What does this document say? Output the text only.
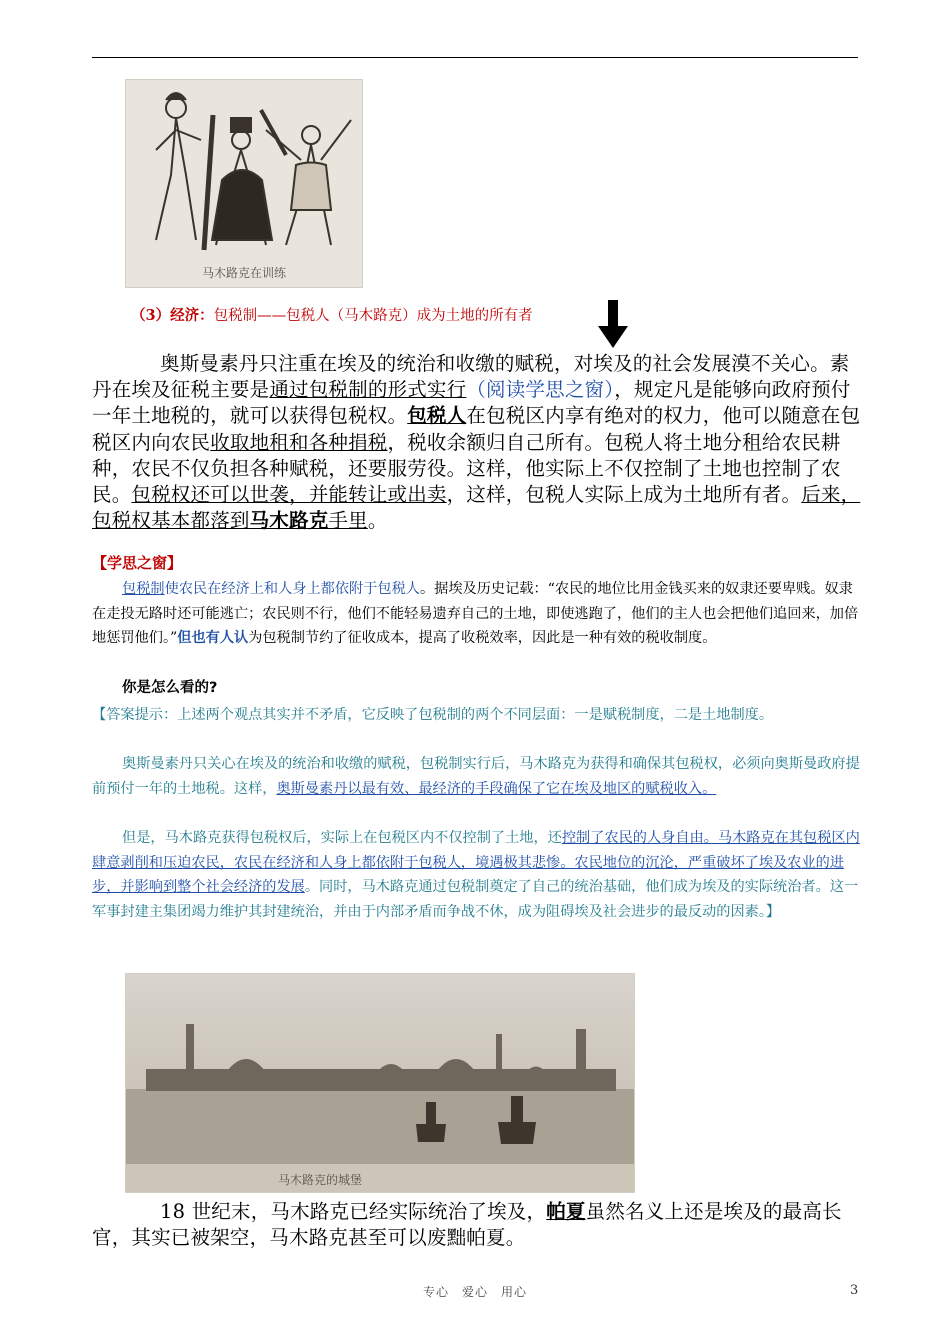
马木路克在训练
（3）经济：包税制——包税人（马木路克）成为土地的所有者
奥斯曼素丹只注重在埃及的统治和收缴的赋税，对埃及的社会发展漠不关心。素丹在埃及征税主要是通过包税制的形式实行（阅读学思之窗），规定凡是能够向政府预付一年土地税的，就可以获得包税权。包税人在包税区内享有绝对的权力，他可以随意在包税区内向农民收取地租和各种捐税，税收余额归自己所有。包税人将土地分租给农民耕种，农民不仅负担各种赋税，还要服劳役。这样，他实际上不仅控制了土地也控制了农民。包税权还可以世袭，并能转让或出卖，这样，包税人实际上成为土地所有者。后来，包税权基本都落到马木路克手里。
【学思之窗】
包税制使农民在经济上和人身上都依附于包税人。据埃及历史记载：“农民的地位比用金钱买来的奴隶还要卑贱。奴隶在走投无路时还可能逃亡；农民则不行，他们不能轻易遗弃自己的土地，即使逃跑了，他们的主人也会把他们追回来，加倍地惩罚他们。”但也有人认为包税制节约了征收成本，提高了收税效率，因此是一种有效的税收制度。
你是怎么看的?
【答案提示：上述两个观点其实并不矛盾，它反映了包税制的两个不同层面：一是赋税制度，二是土地制度。
奥斯曼素丹只关心在埃及的统治和收缴的赋税，包税制实行后，马木路克为获得和确保其包税权，必须向奥斯曼政府提前预付一年的土地税。这样，奥斯曼素丹以最有效、最经济的手段确保了它在埃及地区的赋税收入。
但是，马木路克获得包税权后，实际上在包税区内不仅控制了土地，还控制了农民的人身自由。马木路克在其包税区内肆意剥削和压迫农民，农民在经济和人身上都依附于包税人，境遇极其悲惨。农民地位的沉沦，严重破坏了埃及农业的进步，并影响到整个社会经济的发展。同时，马木路克通过包税制奠定了自己的统治基础，他们成为埃及的实际统治者。这一军事封建主集团竭力维护其封建统治，并由于内部矛盾而争战不休，成为阻碍埃及社会进步的最反动的因素。】
马木路克的城堡
18 世纪末，马木路克已经实际统治了埃及，帕夏虽然名义上还是埃及的最高长官，其实已被架空，马木路克甚至可以废黜帕夏。
专心　爱心　用心	3
